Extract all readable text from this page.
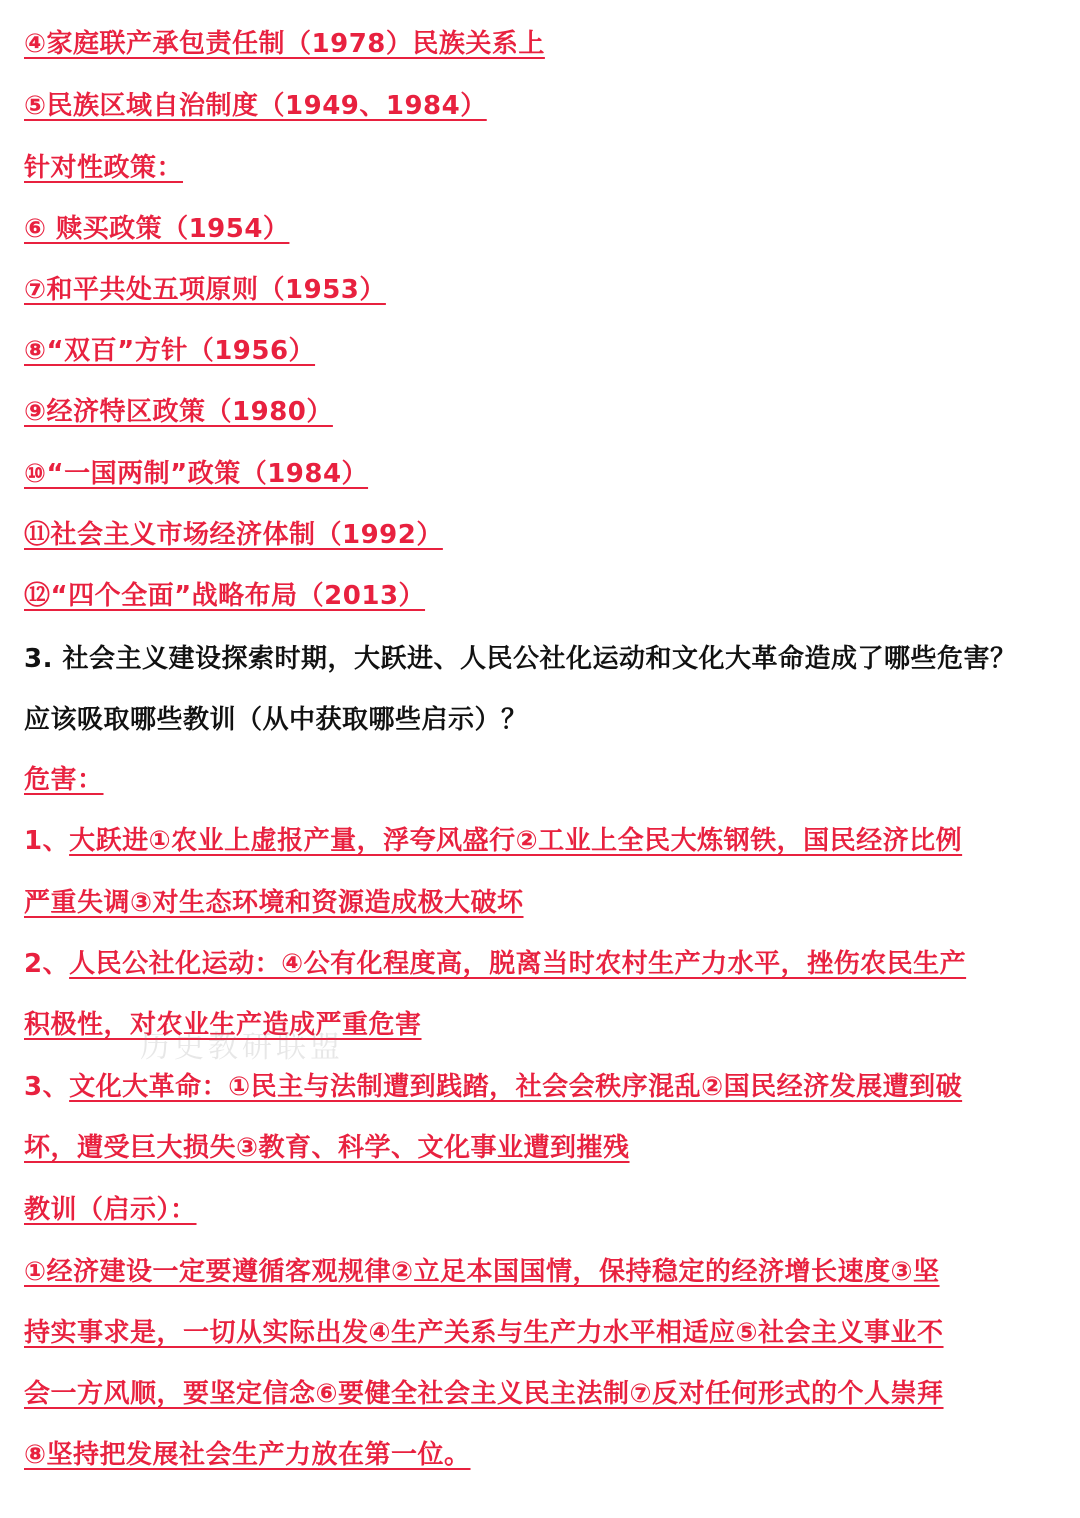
④家庭联产承包责任制（1978）民族关系上

⑤民族区域自治制度（1949、1984）

针对性政策：

⑥ 赎买政策（1954）

⑦和平共处五项原则（1953）

⑧“双百”方针（1956）

⑨经济特区政策（1980）

⑩“一国两制”政策（1984）

⑪社会主义市场经济体制（1992）

⑫“四个全面”战略布局（2013）

3. 社会主义建设探索时期，大跃进、人民公社化运动和文化大革命造成了哪些危害？

应该吸取哪些教训（从中获取哪些启示）？

危害：

1、大跃进①农业上虚报产量，浮夸风盛行②工业上全民大炼钢铁，国民经济比例

严重失调③对生态环境和资源造成极大破坏

2、人民公社化运动：④公有化程度高，脱离当时农村生产力水平，挫伤农民生产

积极性，对农业生产造成严重危害

历史教研联盟

3、文化大革命：①民主与法制遭到践踏，社会会秩序混乱②国民经济发展遭到破

坏，遭受巨大损失③教育、科学、文化事业遭到摧残

教训（启示）：

①经济建设一定要遵循客观规律②立足本国国情，保持稳定的经济增长速度③坚

持实事求是，一切从实际出发④生产关系与生产力水平相适应⑤社会主义事业不

会一方风顺，要坚定信念⑥要健全社会主义民主法制⑦反对任何形式的个人崇拜

⑧坚持把发展社会生产力放在第一位。
